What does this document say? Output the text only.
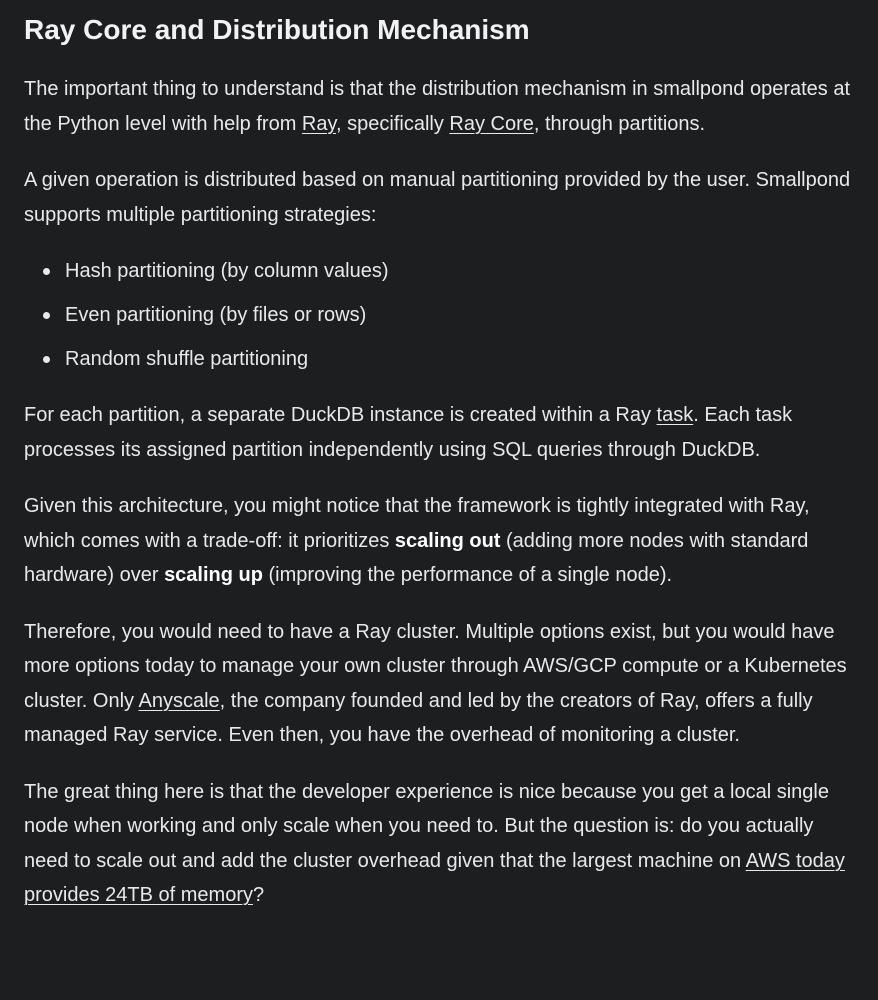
Ray Core and Distribution Mechanism

The important thing to understand is that the distribution mechanism in smallpond operates at the Python level with help from Ray, specifically Ray Core, through partitions.

A given operation is distributed based on manual partitioning provided by the user. Smallpond supports multiple partitioning strategies:

Hash partitioning (by column values)
Even partitioning (by files or rows)
Random shuffle partitioning

For each partition, a separate DuckDB instance is created within a Ray task. Each task processes its assigned partition independently using SQL queries through DuckDB.

Given this architecture, you might notice that the framework is tightly integrated with Ray, which comes with a trade-off: it prioritizes scaling out (adding more nodes with standard hardware) over scaling up (improving the performance of a single node).

Therefore, you would need to have a Ray cluster. Multiple options exist, but you would have more options today to manage your own cluster through AWS/GCP compute or a Kubernetes cluster. Only Anyscale, the company founded and led by the creators of Ray, offers a fully managed Ray service. Even then, you have the overhead of monitoring a cluster.

The great thing here is that the developer experience is nice because you get a local single node when working and only scale when you need to. But the question is: do you actually need to scale out and add the cluster overhead given that the largest machine on AWS today provides 24TB of memory?
